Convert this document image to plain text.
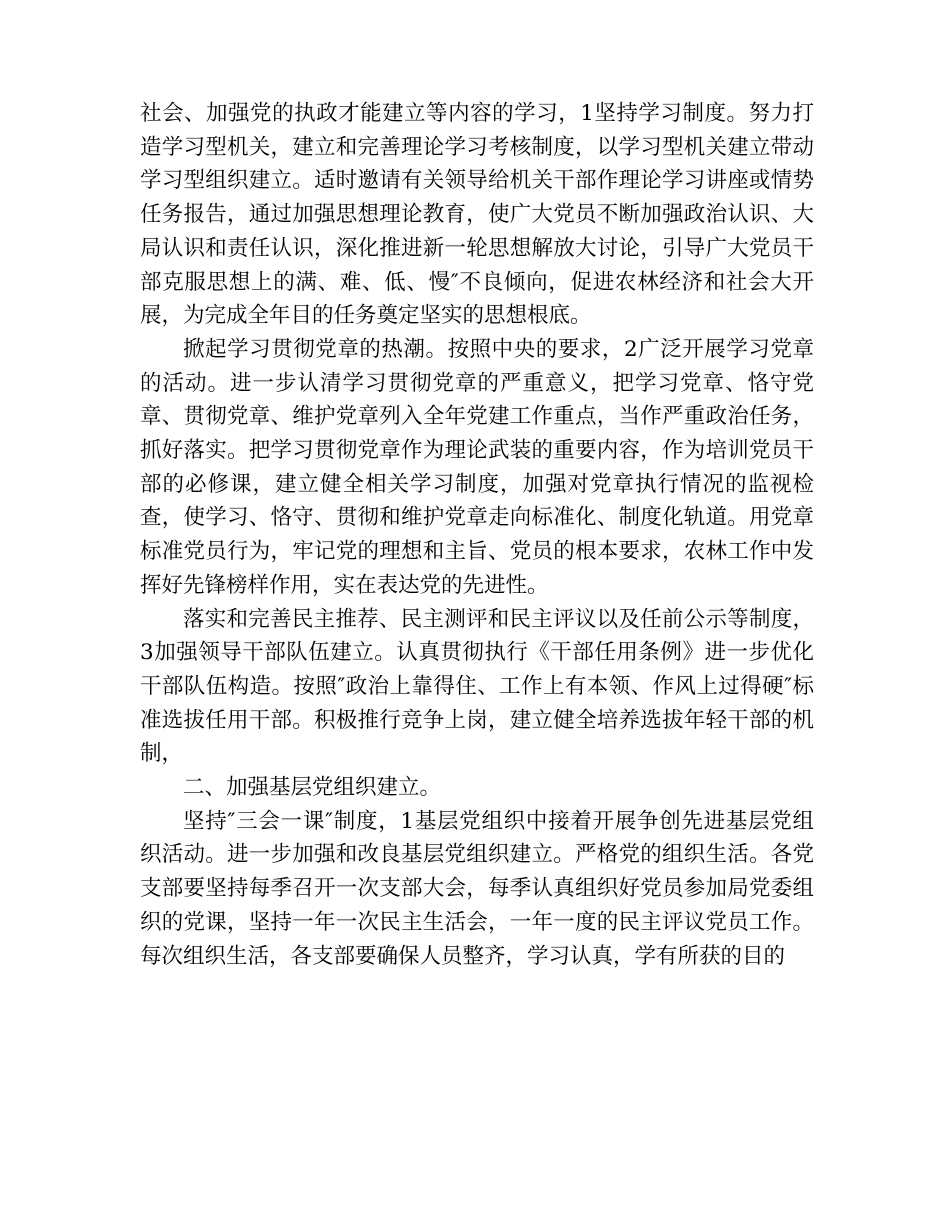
社会、加强党的执政才能建立等内容的学习，1坚持学习制度。努力打造学习型机关，建立和完善理论学习考核制度，以学习型机关建立带动学习型组织建立。适时邀请有关领导给机关干部作理论学习讲座或情势任务报告，通过加强思想理论教育，使广大党员不断加强政治认识、大局认识和责任认识，深化推进新一轮思想解放大讨论，引导广大党员干部克服思想上的满、难、低、慢″不良倾向，促进农林经济和社会大开展，为完成全年目的任务奠定坚实的思想根底。

掀起学习贯彻党章的热潮。按照中央的要求，2广泛开展学习党章的活动。进一步认清学习贯彻党章的严重意义，把学习党章、恪守党章、贯彻党章、维护党章列入全年党建工作重点，当作严重政治任务，抓好落实。把学习贯彻党章作为理论武装的重要内容，作为培训党员干部的必修课，建立健全相关学习制度，加强对党章执行情况的监视检查，使学习、恪守、贯彻和维护党章走向标准化、制度化轨道。用党章标准党员行为，牢记党的理想和主旨、党员的根本要求，农林工作中发挥好先锋榜样作用，实在表达党的先进性。

落实和完善民主推荐、民主测评和民主评议以及任前公示等制度，3加强领导干部队伍建立。认真贯彻执行《干部任用条例》进一步优化干部队伍构造。按照″政治上靠得住、工作上有本领、作风上过得硬″标准选拔任用干部。积极推行竞争上岗，建立健全培养选拔年轻干部的机制，

二、加强基层党组织建立。

坚持″三会一课″制度，1基层党组织中接着开展争创先进基层党组织活动。进一步加强和改良基层党组织建立。严格党的组织生活。各党支部要坚持每季召开一次支部大会，每季认真组织好党员参加局党委组织的党课，坚持一年一次民主生活会，一年一度的民主评议党员工作。每次组织生活，各支部要确保人员整齐，学习认真，学有所获的目的
